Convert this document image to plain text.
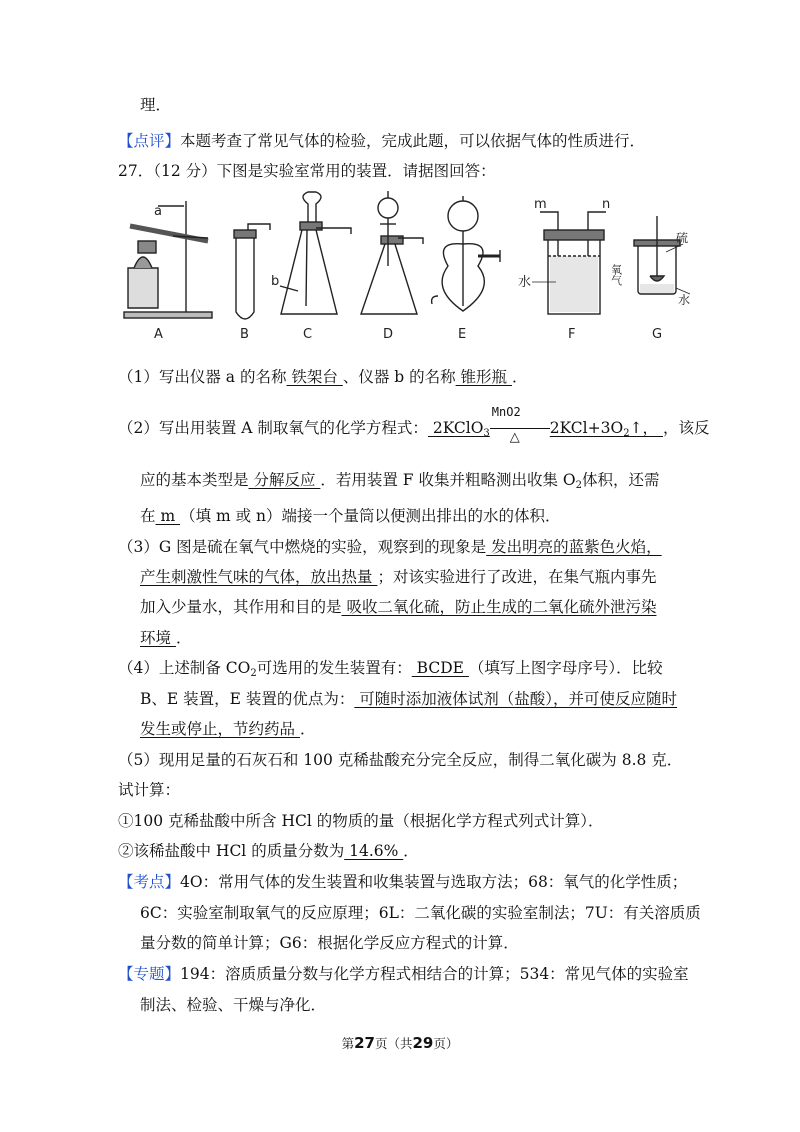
理．
【点评】本题考查了常见气体的检验，完成此题，可以依据气体的性质进行．
27．（12 分）下图是实验室常用的装置．请据图回答：
a
b
m	n
水	氧气
硫
水
A	B	C	D	E	F	G
（1）写出仪器 a 的名称 铁架台 、仪器 b 的名称 锥形瓶 ．
（2）写出用装置 A 制取氧气的化学方程式： 2KClO$_3$ $\frac{\text{MnO2}}{\triangle}$ $2KCl+3O_2↑$， ，该反
应的基本类型是 分解反应 ．若用装置 F 收集并粗略测出收集 $O_2$体积，还需
在 m （填 m 或 n）端接一个量筒以便测出排出的水的体积．
（3）G 图是硫在氧气中燃烧的实验，观察到的现象是 发出明亮的蓝紫色火焰，
产生刺激性气味的气体，放出热量 ；对该实验进行了改进，在集气瓶内事先
加入少量水，其作用和目的是 吸收二氧化硫，防止生成的二氧化硫外泄污染
环境 ．
（4）上述制备 $CO_2$可选用的发生装置有： BCDE （填写上图字母序号）．比较
B、E 装置，E 装置的优点为： 可随时添加液体试剂（盐酸），并可使反应随时
发生或停止，节约药品 ．
（5）现用足量的石灰石和 100 克稀盐酸充分完全反应，制得二氧化碳为 8.8 克．
试计算：
①100 克稀盐酸中所含 HCl 的物质的量（根据化学方程式列式计算）．
②该稀盐酸中 HCl 的质量分数为 14.6% ．
【考点】4O：常用气体的发生装置和收集装置与选取方法；68：氧气的化学性质；
6C：实验室制取氧气的反应原理；6L：二氧化碳的实验室制法；7U：有关溶质质
量分数的简单计算；G6：根据化学反应方程式的计算．
【专题】194：溶质质量分数与化学方程式相结合的计算；534：常见气体的实验室
制法、检验、干燥与净化．
第27页（共29页）
